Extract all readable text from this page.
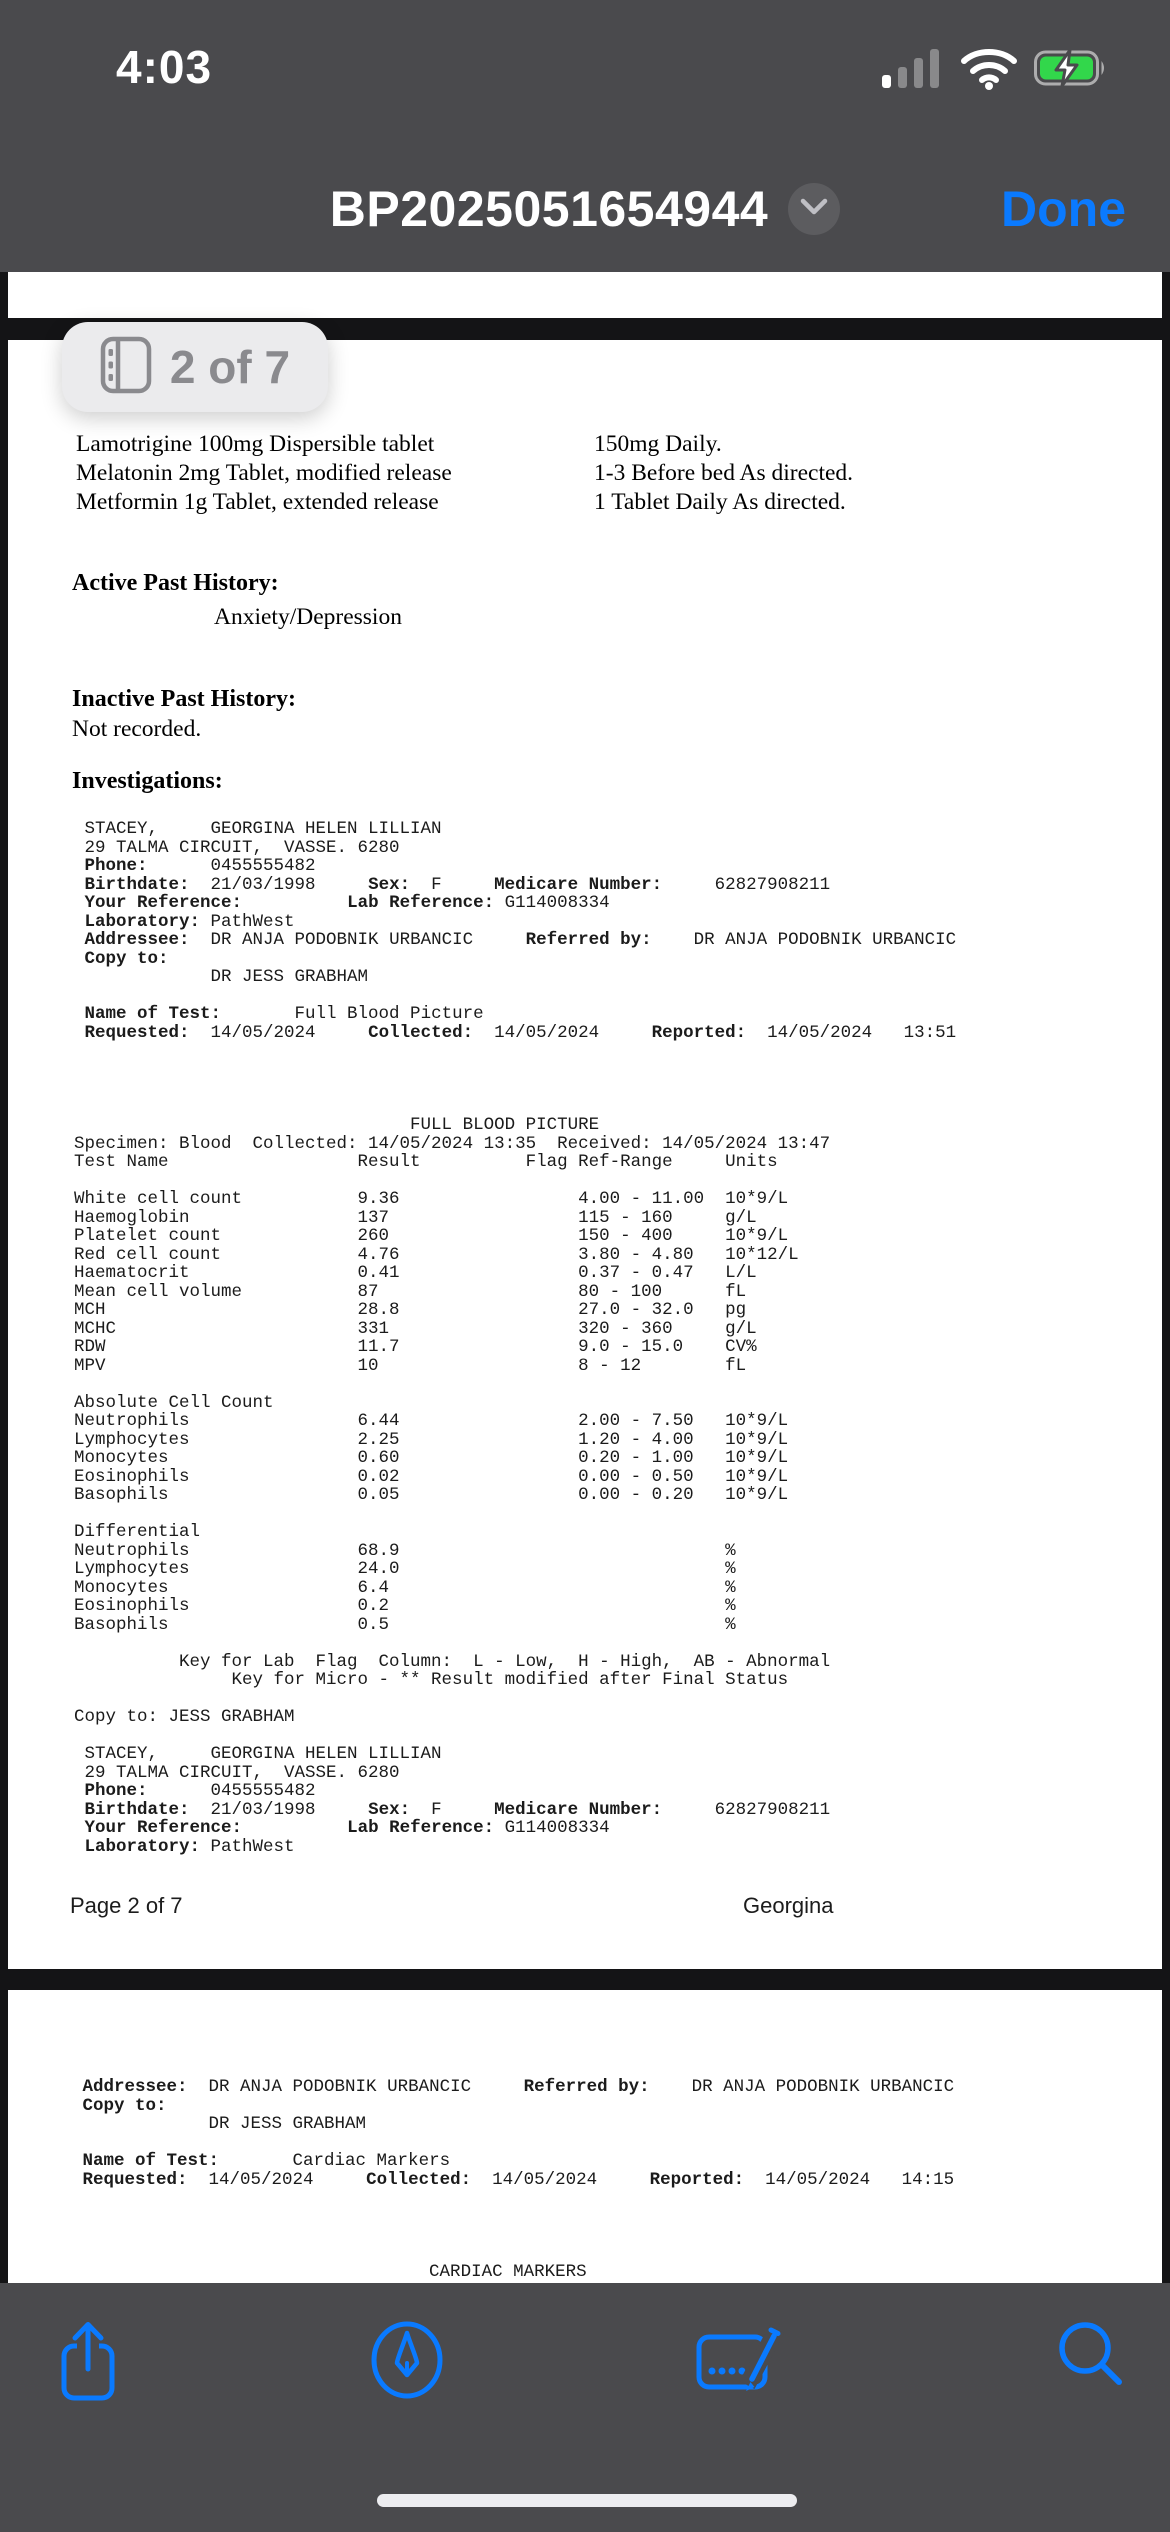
4:03
BP2025051654944	Done
2 of 7
Lamotrigine 100mg Dispersible tablet	150mg Daily.
Melatonin 2mg Tablet, modified release	1-3 Before bed As directed.
Metformin 1g Tablet, extended release	1 Tablet Daily As directed.
Active Past History:
Anxiety/Depression
Inactive Past History:
Not recorded.
Investigations:
STACEY,     GEORGINA HELEN LILLIAN
29 TALMA CIRCUIT,  VASSE. 6280
Phone:      0455555482
Birthdate:  21/03/1998     Sex:  F     Medicare Number:     62827908211
Your Reference:	Lab Reference: G114008334
Laboratory: PathWest
Addressee:  DR ANJA PODOBNIK URBANCIC     Referred by:    DR ANJA PODOBNIK URBANCIC
Copy to:
DR JESS GRABHAM
Name of Test:       Full Blood Picture
Requested:  14/05/2024     Collected:  14/05/2024     Reported:  14/05/2024   13:51
FULL BLOOD PICTURE
Specimen: Blood  Collected: 14/05/2024 13:35  Received: 14/05/2024 13:47
Test Name                  Result          Flag Ref-Range     Units
White cell count           9.36                 4.00 - 11.00  10*9/L
Haemoglobin                137                  115 - 160     g/L
Platelet count             260                  150 - 400     10*9/L
Red cell count             4.76                 3.80 - 4.80   10*12/L
Haematocrit                0.41                 0.37 - 0.47   L/L
Mean cell volume           87                   80 - 100      fL
MCH                        28.8                 27.0 - 32.0   pg
MCHC                       331                  320 - 360     g/L
RDW                        11.7                 9.0 - 15.0    CV%
MPV                        10                   8 - 12        fL
Absolute Cell Count
Neutrophils                6.44                 2.00 - 7.50   10*9/L
Lymphocytes                2.25                 1.20 - 4.00   10*9/L
Monocytes                  0.60                 0.20 - 1.00   10*9/L
Eosinophils                0.02                 0.00 - 0.50   10*9/L
Basophils                  0.05                 0.00 - 0.20   10*9/L
Differential
Neutrophils                68.9                               %
Lymphocytes                24.0                               %
Monocytes                  6.4                                %
Eosinophils                0.2                                %
Basophils                  0.5                                %
Key for Lab  Flag  Column:  L - Low,  H - High,  AB - Abnormal
Key for Micro - ** Result modified after Final Status
Copy to: JESS GRABHAM
STACEY,     GEORGINA HELEN LILLIAN
29 TALMA CIRCUIT,  VASSE. 6280
Phone:      0455555482
Birthdate:  21/03/1998     Sex:  F     Medicare Number:     62827908211
Your Reference:	Lab Reference: G114008334
Laboratory: PathWest
Page 2 of 7	Georgina
Addressee:  DR ANJA PODOBNIK URBANCIC     Referred by:    DR ANJA PODOBNIK URBANCIC
Copy to:
DR JESS GRABHAM
Name of Test:       Cardiac Markers
Requested:  14/05/2024     Collected:  14/05/2024     Reported:  14/05/2024   14:15
CARDIAC MARKERS
